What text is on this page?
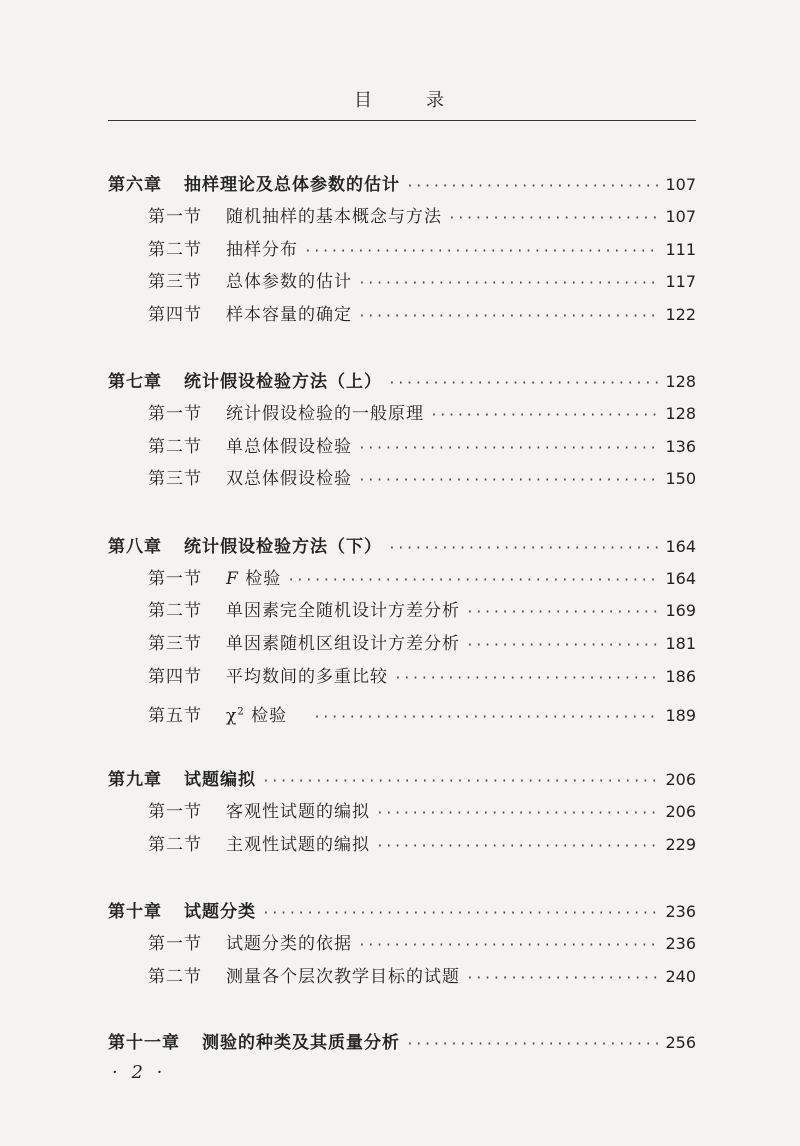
目	录
第六章 抽样理论及总体参数的估计 ·····	107
第一节 随机抽样的基本概念与方法 ·····	107
第二节 抽样分布 ·····	111
第三节 总体参数的估计 ·····	117
第四节 样本容量的确定 ·····	122
第七章 统计假设检验方法（上） ·····	128
第一节 统计假设检验的一般原理 ·····	128
第二节 单总体假设检验 ·····	136
第三节 双总体假设检验 ·····	150
第八章 统计假设检验方法（下） ·····	164
第一节 F 检验 ·····	164
第二节 单因素完全随机设计方差分析 ·····	169
第三节 单因素随机区组设计方差分析 ·····	181
第四节 平均数间的多重比较 ·····	186
第五节 $\chi^2$ 检验 ·····	189
第九章 试题编拟 ·····	206
第一节 客观性试题的编拟 ·····	206
第二节 主观性试题的编拟 ·····	229
第十章 试题分类 ·····	236
第一节 试题分类的依据 ·····	236
第二节 测量各个层次教学目标的试题 ·····	240
第十一章 测验的种类及其质量分析 ·····	256
· 2 ·
